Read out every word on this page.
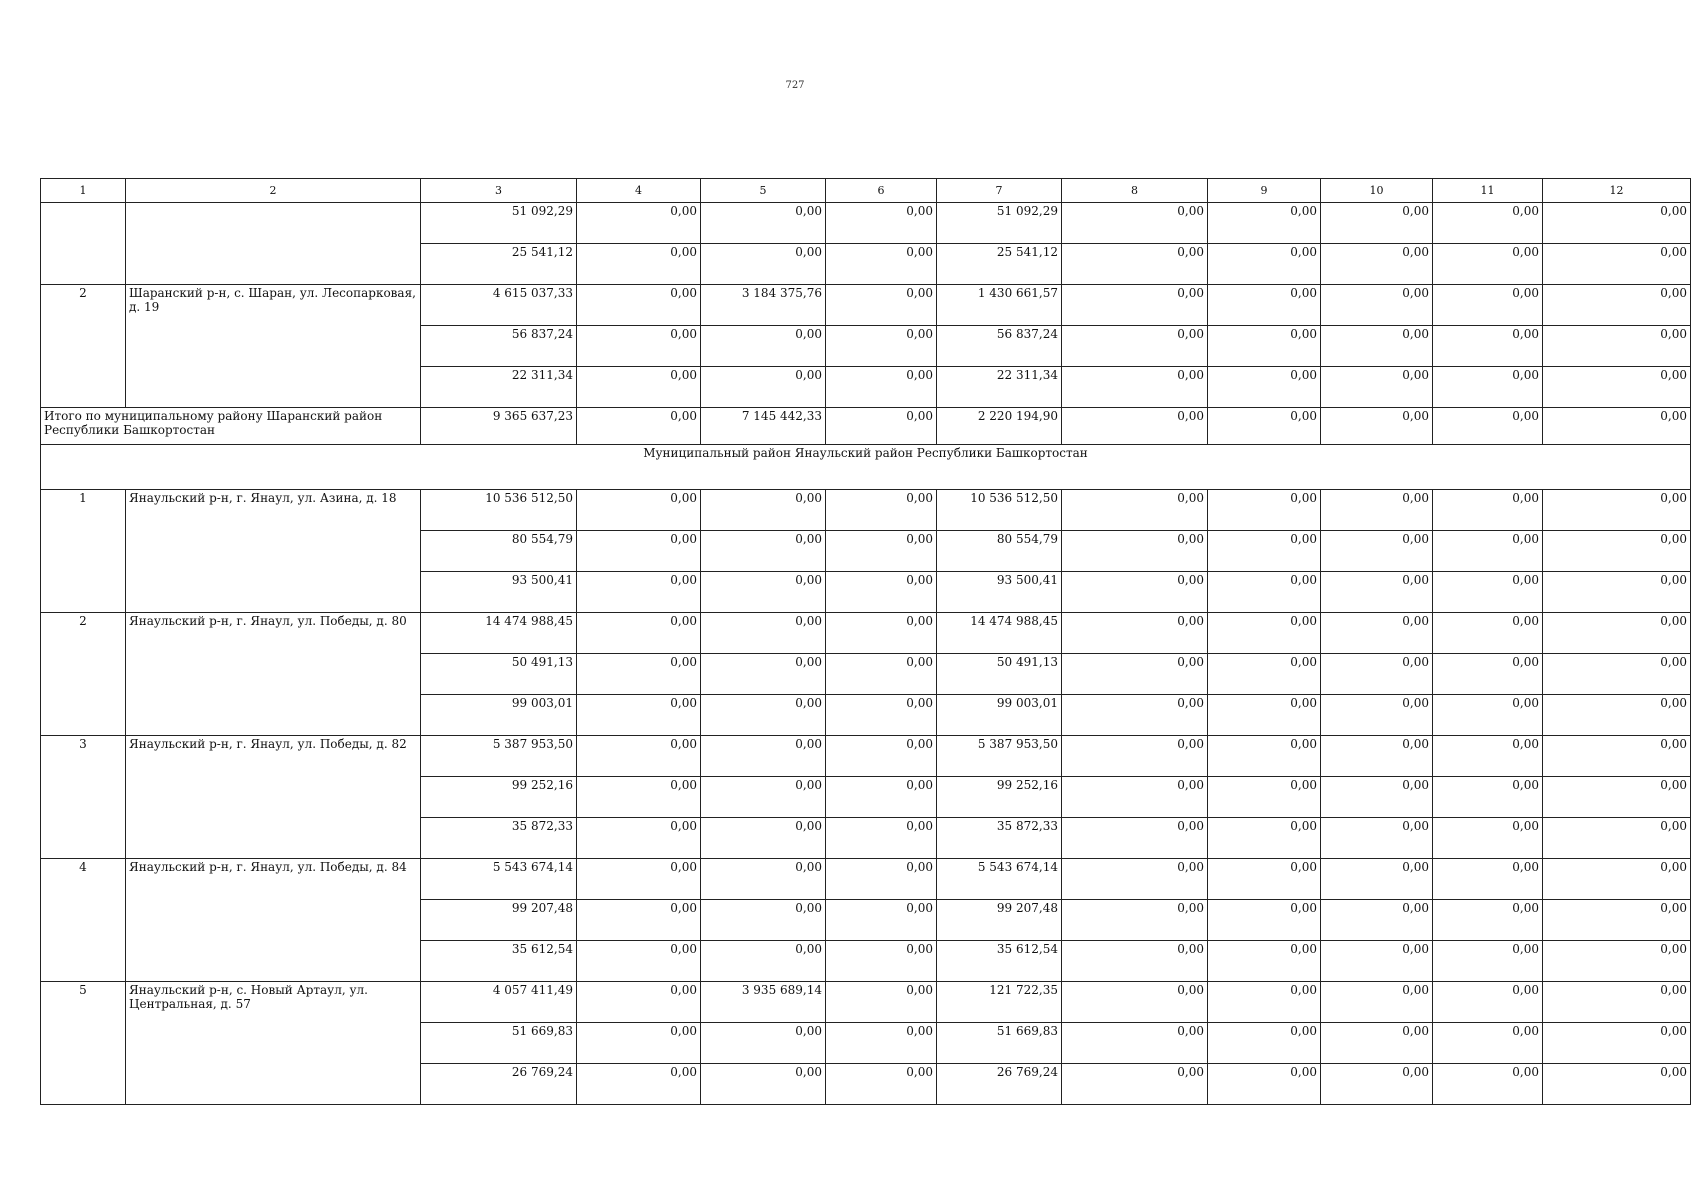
727
1	2	3	4	5	6	7	8	9	10	11	12
		51 092,29	0,00	0,00	0,00	51 092,29	0,00	0,00	0,00	0,00	0,00
		25 541,12	0,00	0,00	0,00	25 541,12	0,00	0,00	0,00	0,00	0,00
2	Шаранский р-н, с. Шаран, ул. Лесопарковая, д. 19	4 615 037,33	0,00	3 184 375,76	0,00	1 430 661,57	0,00	0,00	0,00	0,00	0,00
		56 837,24	0,00	0,00	0,00	56 837,24	0,00	0,00	0,00	0,00	0,00
		22 311,34	0,00	0,00	0,00	22 311,34	0,00	0,00	0,00	0,00	0,00
Итого по муниципальному району Шаранский район Республики Башкортостан		9 365 637,23	0,00	7 145 442,33	0,00	2 220 194,90	0,00	0,00	0,00	0,00	0,00
Муниципальный район Янаульский район Республики Башкортостан											
1	Янаульский р-н, г. Янаул, ул. Азина, д. 18	10 536 512,50	0,00	0,00	0,00	10 536 512,50	0,00	0,00	0,00	0,00	0,00
		80 554,79	0,00	0,00	0,00	80 554,79	0,00	0,00	0,00	0,00	0,00
		93 500,41	0,00	0,00	0,00	93 500,41	0,00	0,00	0,00	0,00	0,00
2	Янаульский р-н, г. Янаул, ул. Победы, д. 80	14 474 988,45	0,00	0,00	0,00	14 474 988,45	0,00	0,00	0,00	0,00	0,00
		50 491,13	0,00	0,00	0,00	50 491,13	0,00	0,00	0,00	0,00	0,00
		99 003,01	0,00	0,00	0,00	99 003,01	0,00	0,00	0,00	0,00	0,00
3	Янаульский р-н, г. Янаул, ул. Победы, д. 82	5 387 953,50	0,00	0,00	0,00	5 387 953,50	0,00	0,00	0,00	0,00	0,00
		99 252,16	0,00	0,00	0,00	99 252,16	0,00	0,00	0,00	0,00	0,00
		35 872,33	0,00	0,00	0,00	35 872,33	0,00	0,00	0,00	0,00	0,00
4	Янаульский р-н, г. Янаул, ул. Победы, д. 84	5 543 674,14	0,00	0,00	0,00	5 543 674,14	0,00	0,00	0,00	0,00	0,00
		99 207,48	0,00	0,00	0,00	99 207,48	0,00	0,00	0,00	0,00	0,00
		35 612,54	0,00	0,00	0,00	35 612,54	0,00	0,00	0,00	0,00	0,00
5	Янаульский р-н, с. Новый Артаул, ул. Центральная, д. 57	4 057 411,49	0,00	3 935 689,14	0,00	121 722,35	0,00	0,00	0,00	0,00	0,00
		51 669,83	0,00	0,00	0,00	51 669,83	0,00	0,00	0,00	0,00	0,00
		26 769,24	0,00	0,00	0,00	26 769,24	0,00	0,00	0,00	0,00	0,00
